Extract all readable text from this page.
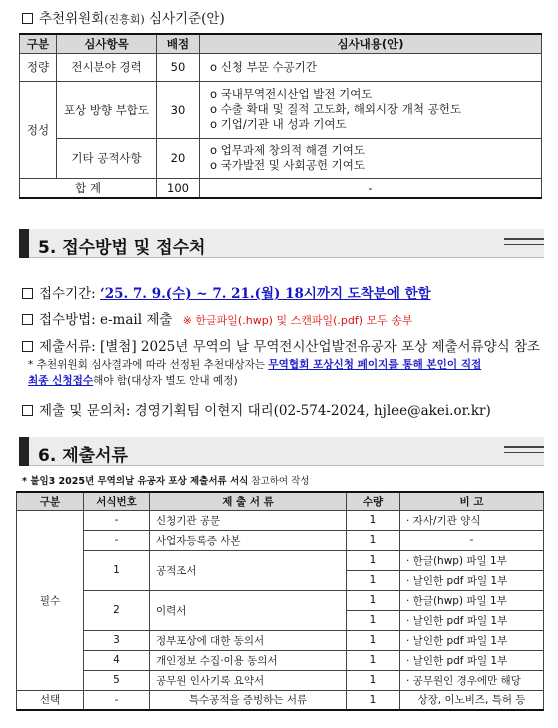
추천위원회(진흥회) 심사기준(안)
구분	심사항목	배점	심사내용(안)
정량	전시분야 경력	50	o 신청 부문 수공기간
정성	포상 방향 부합도	30	o 국내무역전시산업 발전 기여도
o 수출 확대 및 질적 고도화, 해외시장 개척 공헌도
o 기업/기관 내 성과 기여도

	기타 공적사항	20	o 업무과제 창의적 해결 기여도
o 국가발전 및 사회공헌 기여도

합 계		100	-
5. 접수방법 및 접수처
접수기간: ‘25. 7. 9.(수) ~ 7. 21.(월) 18시까지 도착분에 한함
접수방법: e-mail 제출 ※ 한글파일(.hwp) 및 스캔파일(.pdf) 모두 송부
제출서류: [별첨] 2025년 무역의 날 무역전시산업발전유공자 포상 제출서류양식 참조
* 추천위원회 심사결과에 따라 선정된 추천대상자는 무역협회 포상신청 페이지를 통해 본인이 직접
최종 신청접수해야 함(대상자 별도 안내 예정)
제출 및 문의처: 경영기획팀 이현지 대리(02-574-2024, hjlee@akei.or.kr)
6. 제출서류
* 붙임3 2025년 무역의날 유공자 포상 제출서류 서식 참고하여 작성
구분	서식번호	제 출 서 류	수량	비 고
필수	-	신청기관 공문	1	· 자사/기관 양식
	-	사업자등록증 사본	1	-
	1	공적조서	1	· 한글(hwp) 파일 1부
			1	· 날인한 pdf 파일 1부
	2	이력서	1	· 한글(hwp) 파일 1부
			1	· 날인한 pdf 파일 1부
	3	정부포상에 대한 동의서	1	· 날인한 pdf 파일 1부
	4	개인정보 수집·이용 동의서	1	· 날인한 pdf 파일 1부
	5	공무원 인사기록 요약서	1	· 공무원인 경우에만 해당
선택	-	특수공적을 증빙하는 서류	1	상장, 이노비즈, 특허 등
